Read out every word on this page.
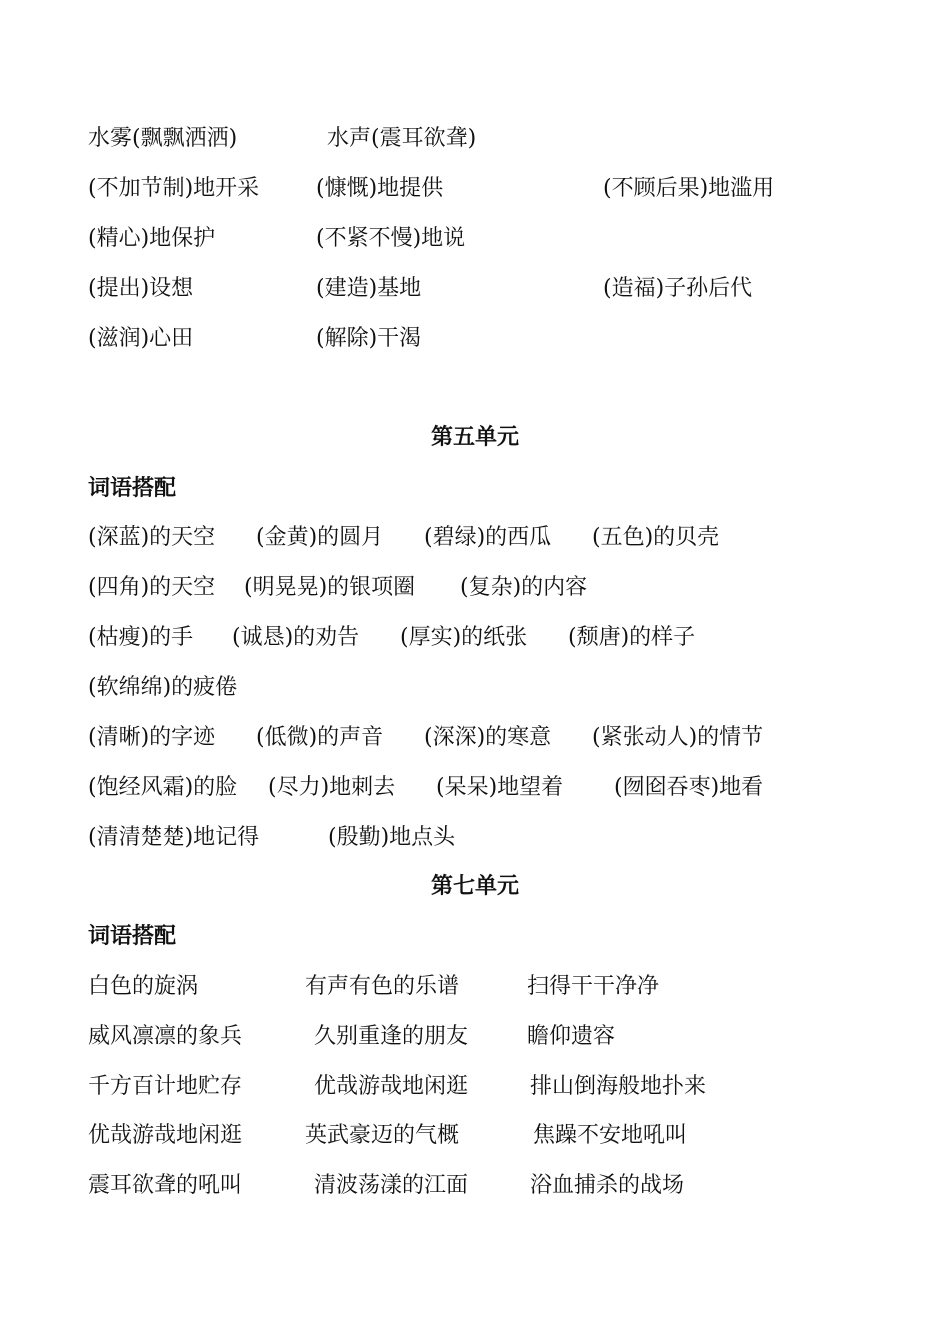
水雾(飘飘洒洒)	水声(震耳欲聋)
(不加节制)地开采	(慷慨)地提供	(不顾后果)地滥用
(精心)地保护	(不紧不慢)地说
(提出)设想	(建造)基地	(造福)子孙后代
(滋润)心田	(解除)干渴
第五单元
词语搭配
(深蓝)的天空 (金黄)的圆月 (碧绿)的西瓜 (五色)的贝壳
(四角)的天空 (明晃晃)的银项圈 (复杂)的内容
(枯瘦)的手 (诚恳)的劝告 (厚实)的纸张 (颓唐)的样子
(软绵绵)的疲倦
(清晰)的字迹 (低微)的声音 (深深)的寒意 (紧张动人)的情节
(饱经风霜)的脸 (尽力)地刺去 (呆呆)地望着 (囫囵吞枣)地看
(清清楚楚)地记得	(殷勤)地点头
第七单元
词语搭配
白色的旋涡	有声有色的乐谱	扫得干干净净
威风凛凛的象兵	久别重逢的朋友	瞻仰遗容
千方百计地贮存	优哉游哉地闲逛	排山倒海般地扑来
优哉游哉地闲逛	英武豪迈的气概	焦躁不安地吼叫
震耳欲聋的吼叫	清波荡漾的江面	浴血捕杀的战场
